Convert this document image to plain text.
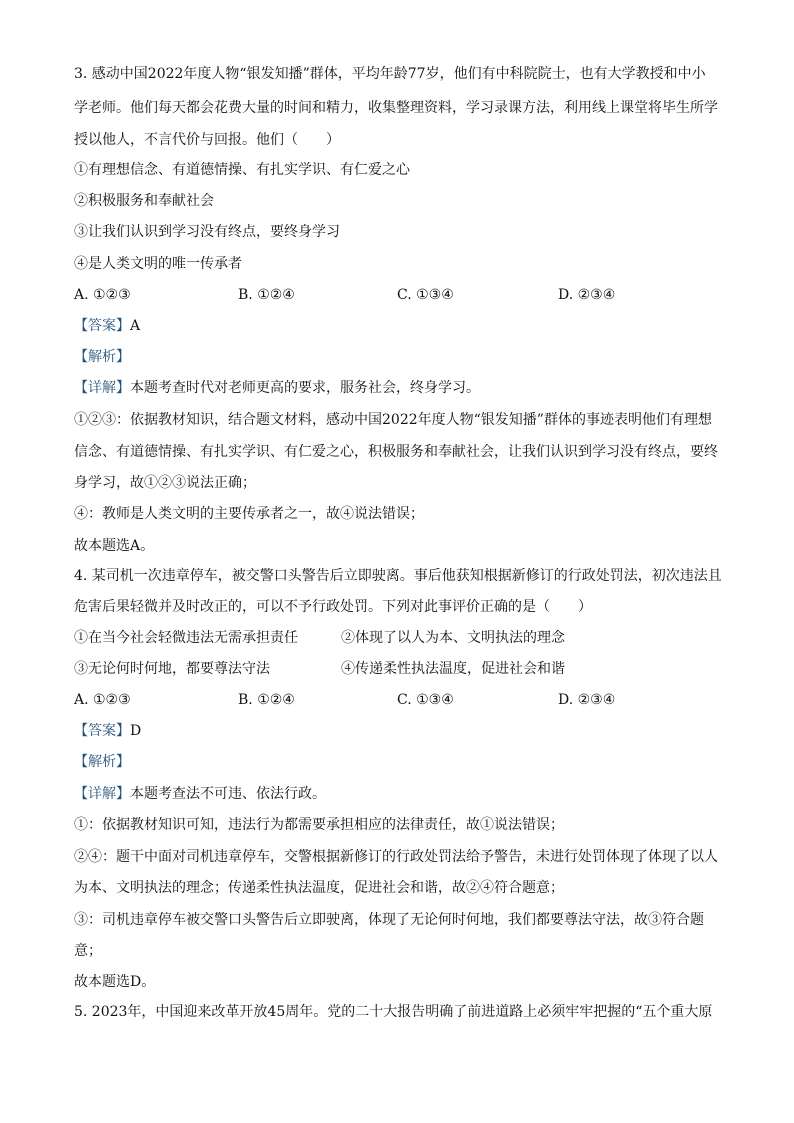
3. 感动中国2022年度人物“银发知播”群体，平均年龄77岁，他们有中科院院士，也有大学教授和中小
学老师。他们每天都会花费大量的时间和精力，收集整理资料，学习录课方法，利用线上课堂将毕生所学
授以他人，不言代价与回报。他们（　　）
①有理想信念、有道德情操、有扎实学识、有仁爱之心
②积极服务和奉献社会
③让我们认识到学习没有终点，要终身学习
④是人类文明的唯一传承者
A. ①②③	B. ①②④	C. ①③④	D. ②③④
【答案】A
【解析】
【详解】本题考查时代对老师更高的要求，服务社会，终身学习。
①②③：依据教材知识，结合题文材料，感动中国2022年度人物“银发知播”群体的事迹表明他们有理想
信念、有道德情操、有扎实学识、有仁爱之心，积极服务和奉献社会，让我们认识到学习没有终点，要终
身学习，故①②③说法正确；
④：教师是人类文明的主要传承者之一，故④说法错误；
故本题选A。
4. 某司机一次违章停车，被交警口头警告后立即驶离。事后他获知根据新修订的行政处罚法，初次违法且
危害后果轻微并及时改正的，可以不予行政处罚。下列对此事评价正确的是（　　）
①在当今社会轻微违法无需承担责任	②体现了以人为本、文明执法的理念
③无论何时何地，都要尊法守法	④传递柔性执法温度，促进社会和谐
A. ①②③	B. ①②④	C. ①③④	D. ②③④
【答案】D
【解析】
【详解】本题考查法不可违、依法行政。
①：依据教材知识可知，违法行为都需要承担相应的法律责任，故①说法错误；
②④：题干中面对司机违章停车，交警根据新修订的行政处罚法给予警告，未进行处罚体现了体现了以人
为本、文明执法的理念；传递柔性执法温度，促进社会和谐，故②④符合题意；
③：司机违章停车被交警口头警告后立即驶离，体现了无论何时何地，我们都要尊法守法，故③符合题
意；
故本题选D。
5. 2023年，中国迎来改革开放45周年。党的二十大报告明确了前进道路上必须牢牢把握的“五个重大原
